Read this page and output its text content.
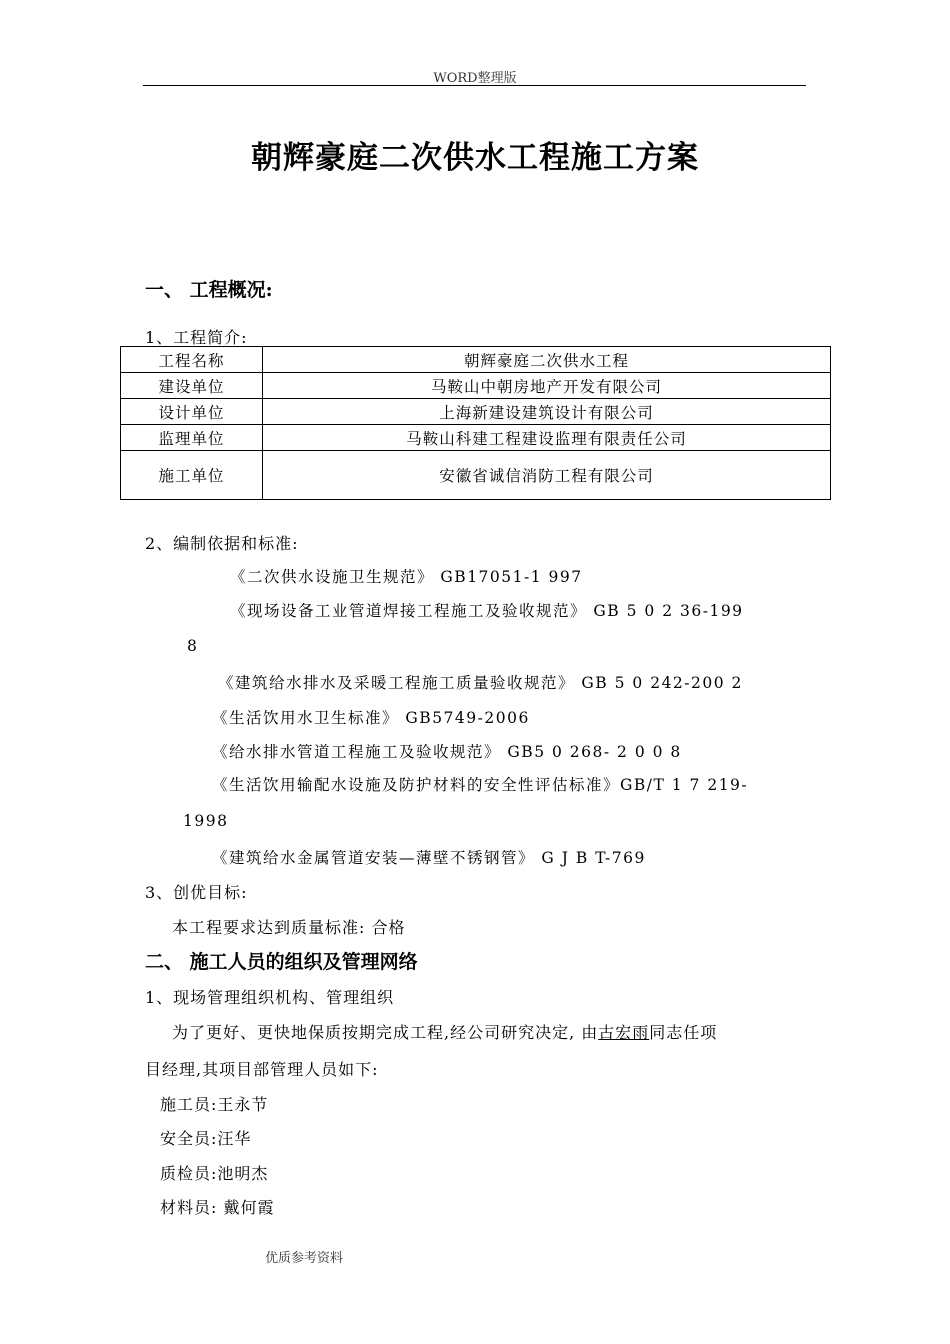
WORD整理版
朝辉豪庭二次供水工程施工方案
一、 工程概况:
1、工程简介:
工程名称	朝辉豪庭二次供水工程
建设单位	马鞍山中朝房地产开发有限公司
设计单位	上海新建设建筑设计有限公司
监理单位	马鞍山科建工程建设监理有限责任公司
施工单位	安徽省诚信消防工程有限公司
2、编制依据和标准:
《二次供水设施卫生规范》 GB17051-1 997
《现场设备工业管道焊接工程施工及验收规范》 GB 5 0 2 36-199
8
《建筑给水排水及采暖工程施工质量验收规范》 GB 5 0 242-200 2
《生活饮用水卫生标准》 GB5749-2006
《给水排水管道工程施工及验收规范》 GB5 0 268- 2 0 0 8
《生活饮用输配水设施及防护材料的安全性评估标准》GB/T 1 7 219-
1998
《建筑给水金属管道安装—薄壁不锈钢管》 G J B T-769
3、创优目标:
本工程要求达到质量标准: 合格
二、 施工人员的组织及管理网络
1、现场管理组织机构、管理组织
为了更好、更快地保质按期完成工程,经公司研究决定, 由古宏雨同志任项
目经理,其项目部管理人员如下:
施工员:王永节
安全员:汪华
质检员:池明杰
材料员: 戴何霞
优质参考资料
